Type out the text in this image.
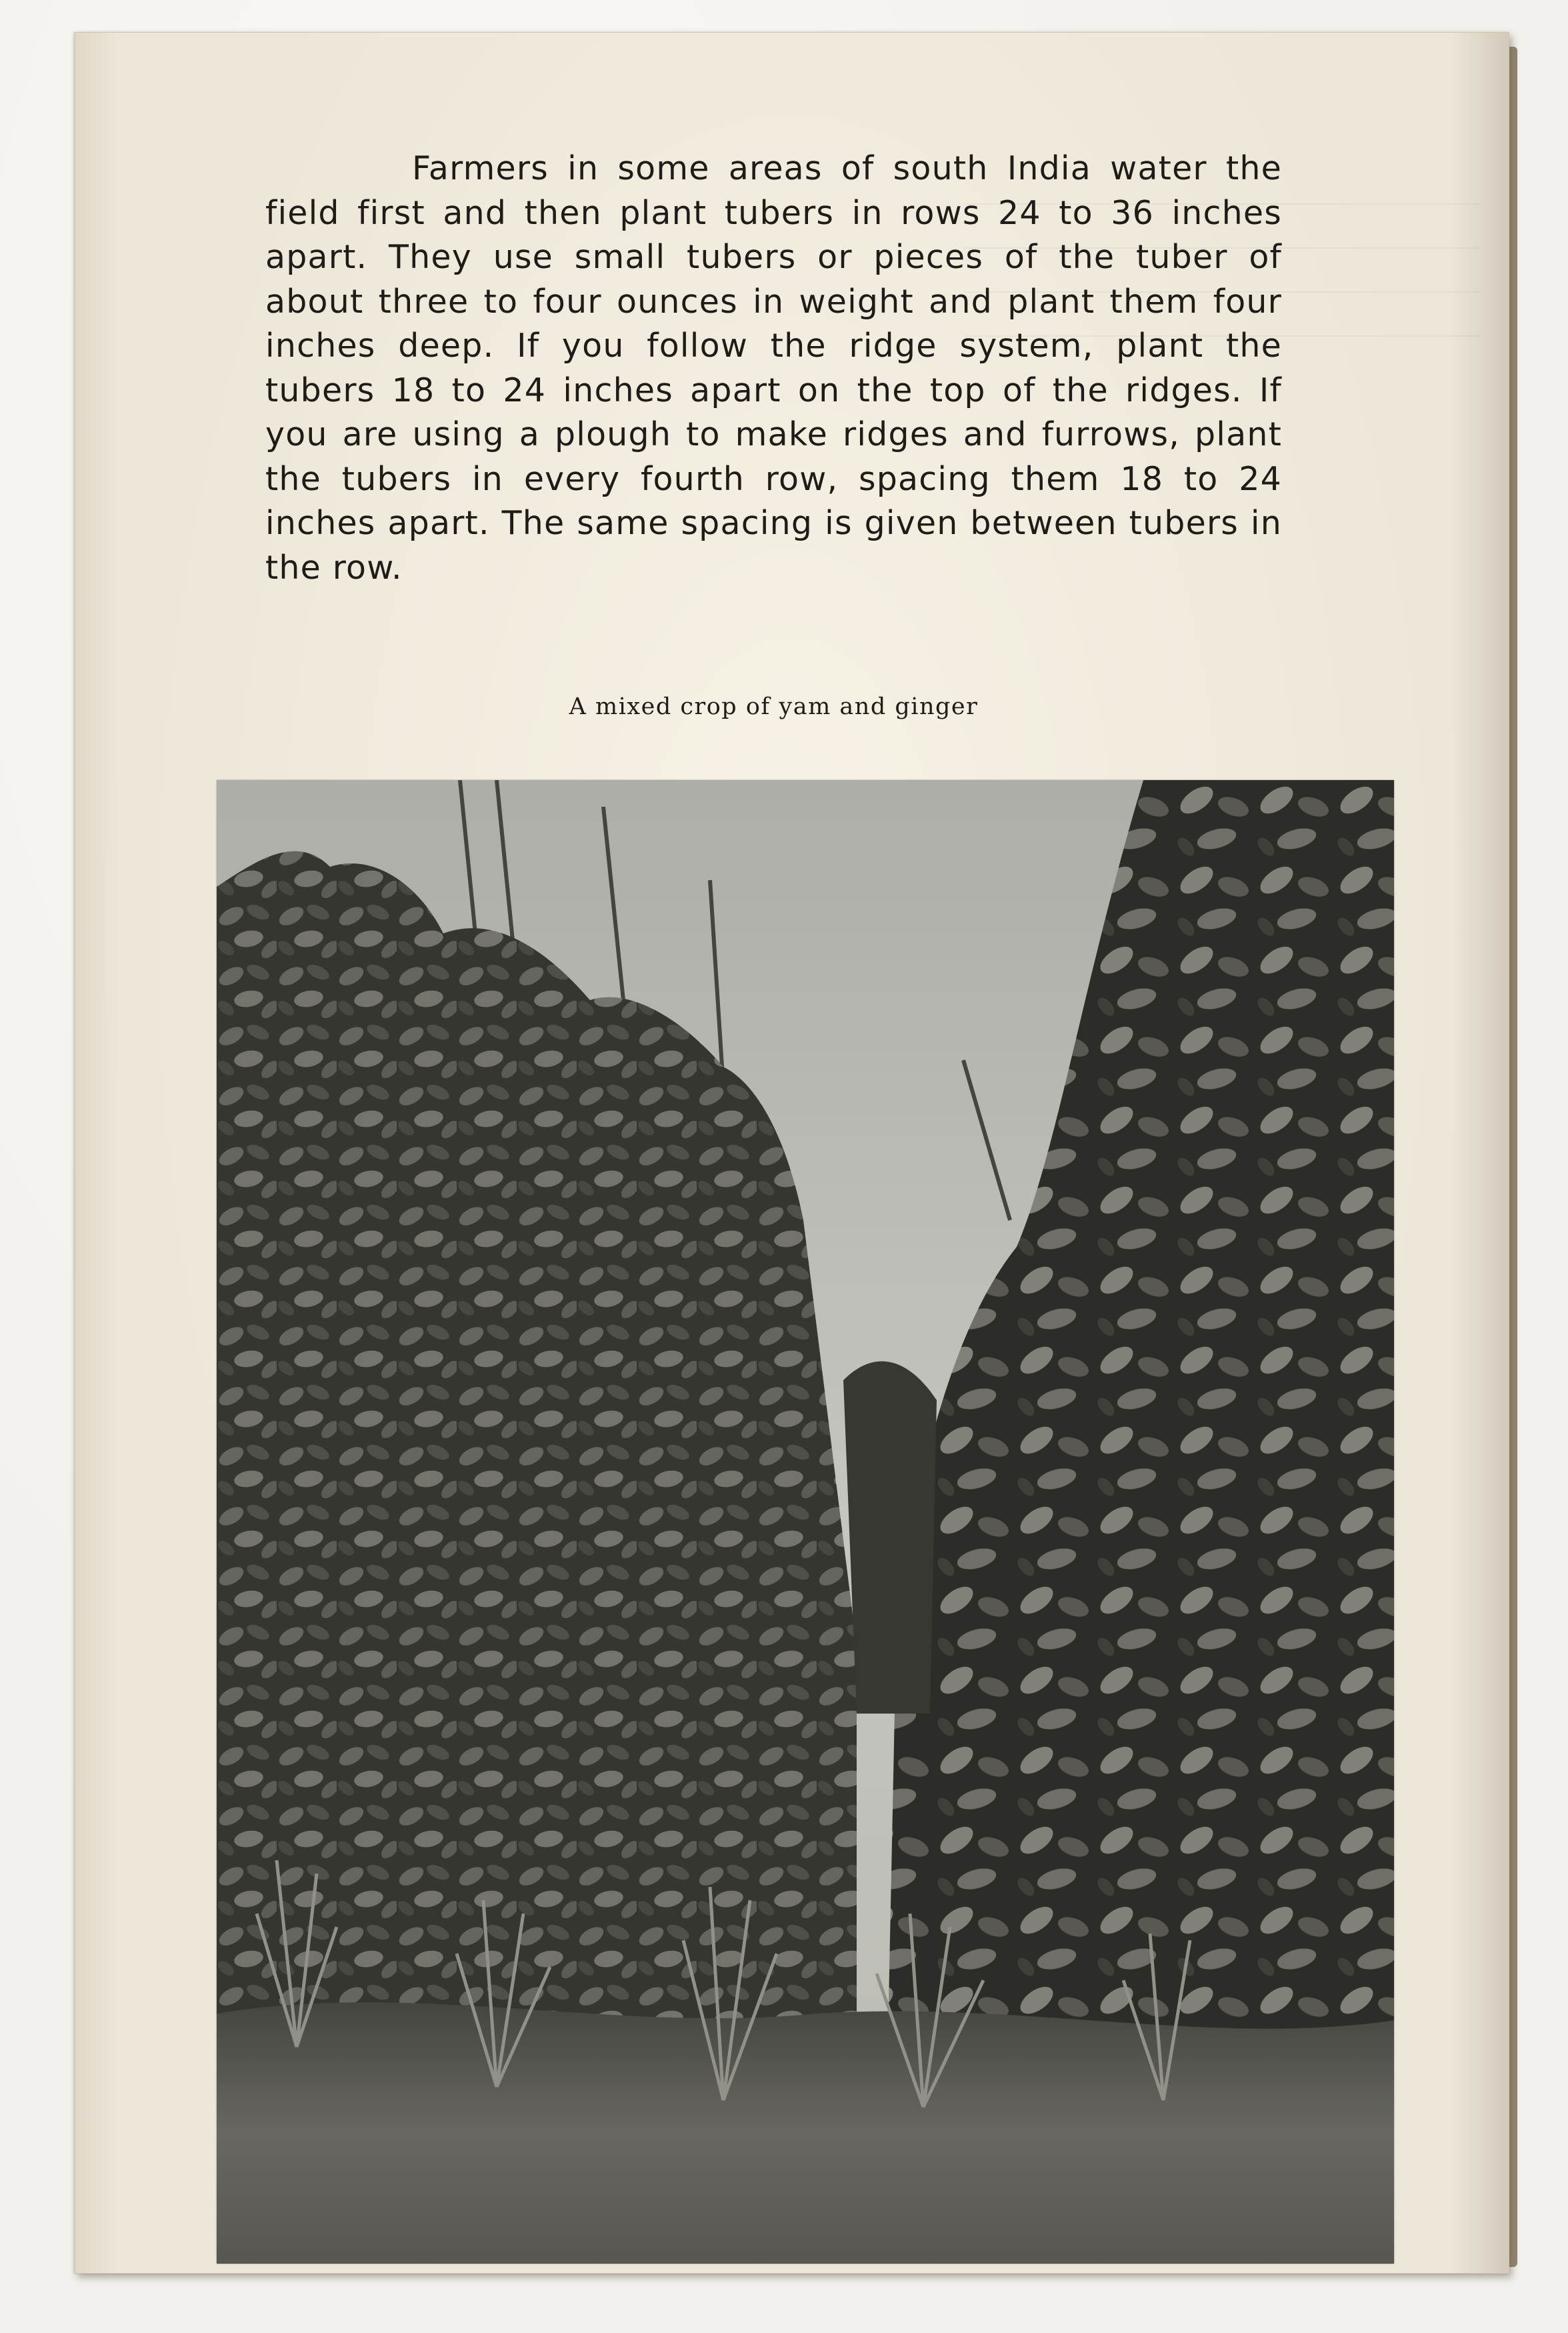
Farmers in some areas of south India water the field first and then plant tubers in rows 24 to 36 inches apart. They use small tubers or pieces of the tuber of about three to four ounces in weight and plant them four inches deep. If you follow the ridge system, plant the tubers 18 to 24 inches apart on the top of the ridges. If you are using a plough to make ridges and furrows, plant the tubers in every fourth row, spacing them 18 to 24 inches apart. The same spacing is given between tubers in the row.

A mixed crop of yam and ginger
